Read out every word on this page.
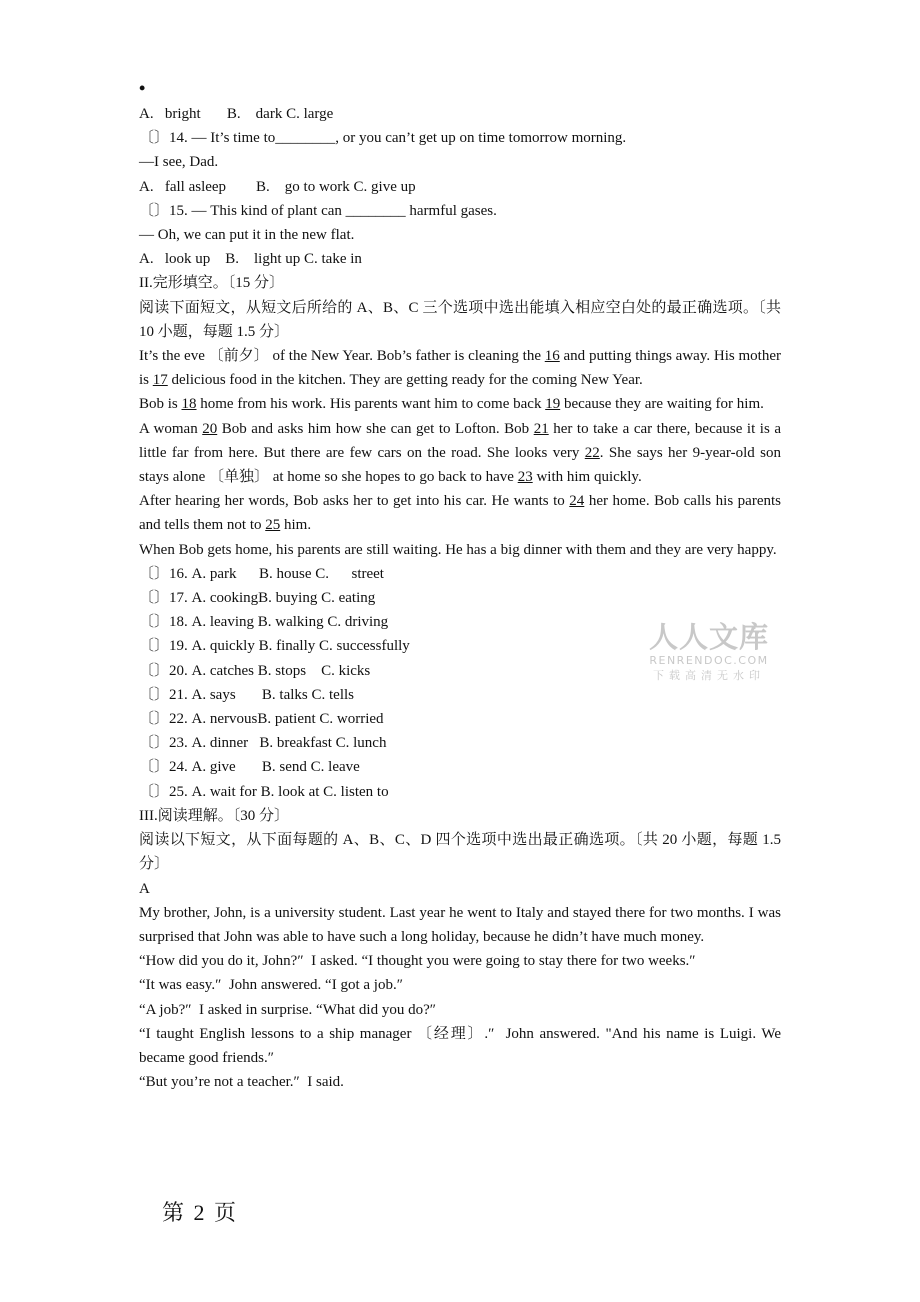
•
A.   bright       B.    dark C. large
〔〕14. — It’s time to________, or you can’t get up on time tomorrow morning.
—I see, Dad.
A.   fall asleep        B.    go to work C. give up
〔〕15. — This kind of plant can ________ harmful gases.
— Oh, we can put it in the new flat.
A.   look up    B.    light up C. take in
II.完形填空。〔15 分〕
阅读下面短文，从短文后所给的 A、B、C 三个选项中选出能填入相应空白处的最正确选项。〔共 10 小题，每题 1.5 分〕
It’s the eve 〔前夕〕 of the New Year. Bob’s father is cleaning the 16 and putting things away. His mother is 17 delicious food in the kitchen. They are getting ready for the coming New Year.
Bob is 18 home from his work. His parents want him to come back 19 because they are waiting for him.
A woman 20 Bob and asks him how she can get to Lofton. Bob 21 her to take a car there, because it is a little far from here. But there are few cars on the road. She looks very 22. She says her 9-year-old son stays alone 〔单独〕 at home so she hopes to go back to have 23 with him quickly.
After hearing her words, Bob asks her to get into his car. He wants to 24 her home. Bob calls his parents and tells them not to 25 him.
When Bob gets home, his parents are still waiting. He has a big dinner with them and they are very happy.
〔〕16. A. park      B. house C.      street
〔〕17. A. cookingB. buying C. eating
〔〕18. A. leaving B. walking C. driving
〔〕19. A. quickly B. finally C. successfully
〔〕20. A. catches B. stops    C. kicks
〔〕21. A. says       B. talks C. tells
〔〕22. A. nervousB. patient C. worried
〔〕23. A. dinner   B. breakfast C. lunch
〔〕24. A. give       B. send C. leave
〔〕25. A. wait for B. look at C. listen to
III.阅读理解。〔30 分〕
阅读以下短文，从下面每题的 A、B、C、D 四个选项中选出最正确选项。〔共 20 小题，每题 1.5 分〕
A
My brother, John, is a university student. Last year he went to Italy and stayed there for two months. I was surprised that John was able to have such a long holiday, because he didn’t have much money.
“How did you do it, John?″  I asked. “I thought you were going to stay there for two weeks.″
“It was easy.″  John answered. “I got a job.″
“A job?″  I asked in surprise. “What did you do?″
“I taught English lessons to a ship manager 〔经理〕.″  John answered. "And his name is Luigi. We became good friends.″
“But you’re not a teacher.″  I said.
人人文库
RENRENDOC.COM
下载高清无水印
第 2 页
